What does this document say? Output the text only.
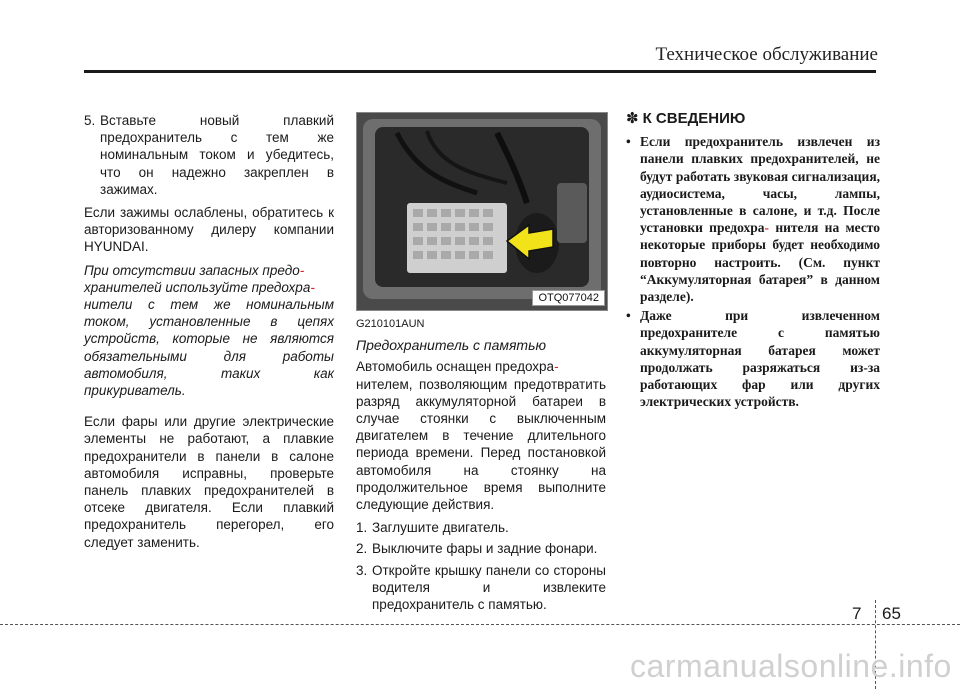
Техническое обслуживание
5. Вставьте новый плавкий предохранитель с тем же номинальным током и убедитесь, что он надежно закреплен в зажимах.

Если зажимы ослаблены, обратитесь к авторизованному дилеру компании HYUNDAI.

При отсутствии запасных предо-
хранителей используйте предохра-
нители с тем же номинальным током, установленные в цепях устройств, которые не являются обязательными для работы автомобиля, таких как прикуриватель.

Если фары или другие электрические элементы не работают, а плавкие предохранители в панели в салоне автомобиля исправны, проверьте панель плавких предохранителей в отсеке двигателя. Если плавкий предохранитель перегорел, его следует заменить.

OTQ077042
G210101AUN
Предохранитель с памятью

Автомобиль оснащен предохра-
нителем, позволяющим предотвратить разряд аккумуляторной батареи в случае стоянки с выключенным двигателем в течение длительного периода времени. Перед постановкой автомобиля на стоянку на продолжительное время выполните следующие действия.

1. Заглушите двигатель.
2. Выключите фары и задние фонари.
3. Откройте крышку панели со стороны водителя и извлеките предохранитель с памятью.
✽ К СВЕДЕНИЮ
• Если предохранитель извлечен из панели плавких предохранителей, не будут работать звуковая сигнализация, аудиосистема, часы, лампы, установленные в салоне, и т.д. После установки предохра- нителя на место некоторые приборы будет необходимо повторно настроить. (См. пункт “Аккумуляторная батарея” в данном разделе).
• Даже при извлеченном предохранителе с памятью аккумуляторная батарея может продолжать разряжаться из-за работающих фар или других электрических устройств.
7 65
carmanualsonline.info
